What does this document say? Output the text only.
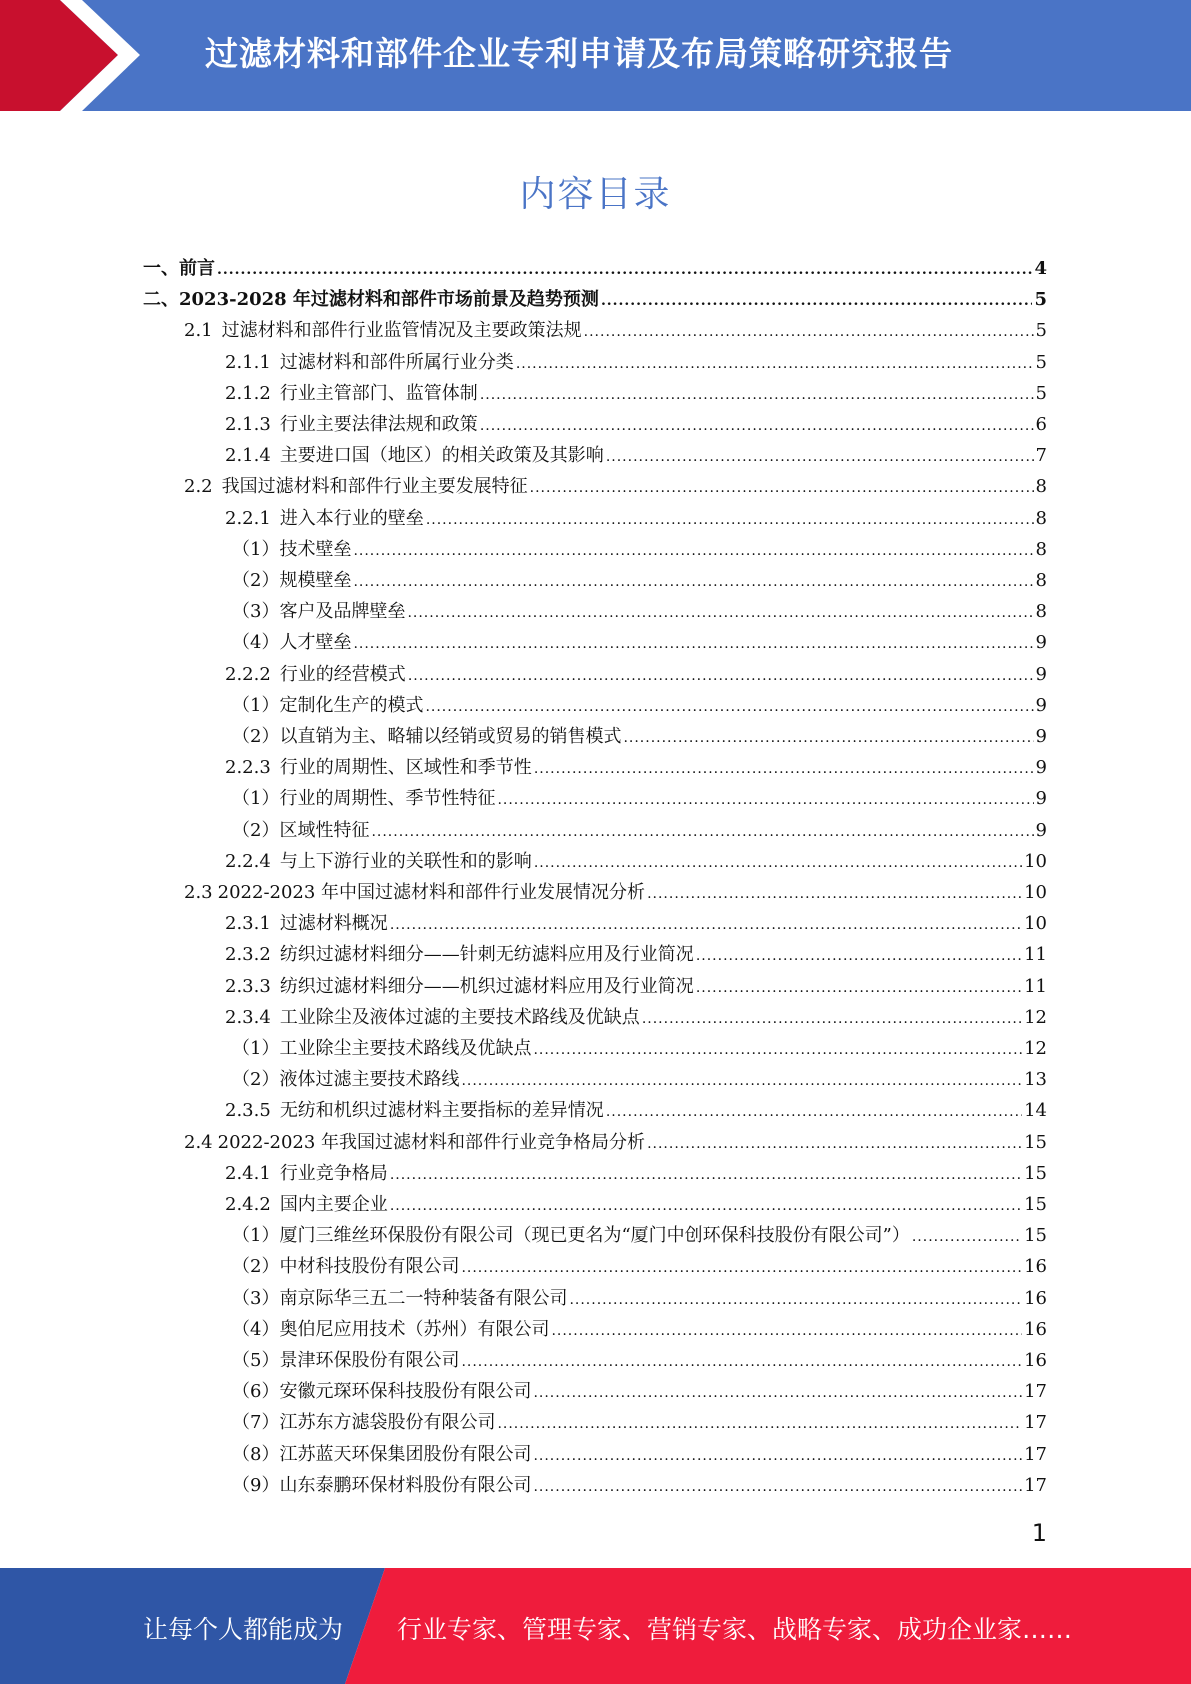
过滤材料和部件企业专利申请及布局策略研究报告
内容目录
一、 前言 .....	4
二、 2023-2028 年过滤材料和部件市场前景及趋势预测 .....	5
2.1 过滤材料和部件行业监管情况及主要政策法规 .....	5
2.1.1 过滤材料和部件所属行业分类 .....	5
2.1.2 行业主管部门、监管体制 .....	5
2.1.3 行业主要法律法规和政策 .....	6
2.1.4 主要进口国（地区）的相关政策及其影响 .....	7
2.2 我国过滤材料和部件行业主要发展特征 .....	8
2.2.1 进入本行业的壁垒 .....	8
（1）技术壁垒 .....	8
（2）规模壁垒 .....	8
（3）客户及品牌壁垒 .....	8
（4）人才壁垒 .....	9
2.2.2 行业的经营模式 .....	9
（1）定制化生产的模式 .....	9
（2）以直销为主、略辅以经销或贸易的销售模式 .....	9
2.2.3 行业的周期性、区域性和季节性 .....	9
（1）行业的周期性、季节性特征 .....	9
（2）区域性特征 .....	9
2.2.4 与上下游行业的关联性和的影响 .....	10
2.3 2022-2023 年中国过滤材料和部件行业发展情况分析 .....	10
2.3.1 过滤材料概况 .....	10
2.3.2 纺织过滤材料细分——针刺无纺滤料应用及行业简况 .....	11
2.3.3 纺织过滤材料细分——机织过滤材料应用及行业简况 .....	11
2.3.4 工业除尘及液体过滤的主要技术路线及优缺点 .....	12
（1）工业除尘主要技术路线及优缺点 .....	12
（2）液体过滤主要技术路线 .....	13
2.3.5 无纺和机织过滤材料主要指标的差异情况 .....	14
2.4 2022-2023 年我国过滤材料和部件行业竞争格局分析 .....	15
2.4.1 行业竞争格局 .....	15
2.4.2 国内主要企业 .....	15
（1）厦门三维丝环保股份有限公司（现已更名为“厦门中创环保科技股份有限公司”） .....	15
（2）中材科技股份有限公司 .....	16
（3）南京际华三五二一特种装备有限公司 .....	16
（4）奥伯尼应用技术（苏州）有限公司 .....	16
（5）景津环保股份有限公司 .....	16
（6）安徽元琛环保科技股份有限公司 .....	17
（7）江苏东方滤袋股份有限公司 .....	17
（8）江苏蓝天环保集团股份有限公司 .....	17
（9）山东泰鹏环保材料股份有限公司 .....	17
1
让每个人都能成为 行业专家、管理专家、营销专家、战略专家、成功企业家……
